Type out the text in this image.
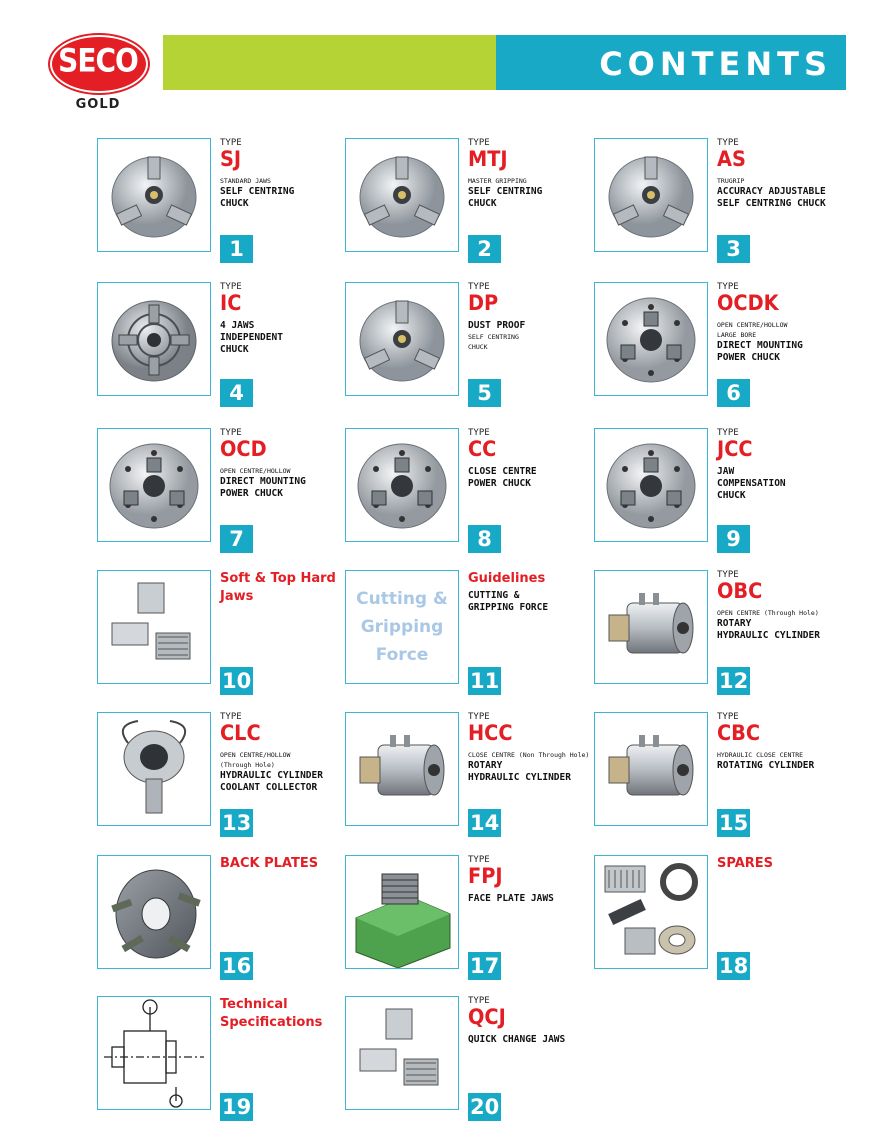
SECO
GOLD
CONTENTS
TYPE
SJ
STANDARD JAWS
SELF CENTRING
CHUCK
1
TYPE
MTJ
MASTER GRIPPING
SELF CENTRING
CHUCK
2
TYPE
AS
TRUGRIP
ACCURACY ADJUSTABLE
SELF CENTRING CHUCK
3
TYPE
IC
4 JAWS
INDEPENDENT
CHUCK
4
TYPE
DP
DUST PROOF
SELF CENTRING
CHUCK
5
TYPE
OCDK
OPEN CENTRE/HOLLOW
LARGE BORE
DIRECT MOUNTING
POWER CHUCK
6
TYPE
OCD
OPEN CENTRE/HOLLOW
DIRECT MOUNTING
POWER CHUCK
7
TYPE
CC
CLOSE CENTRE
POWER CHUCK
8
TYPE
JCC
JAW
COMPENSATION
CHUCK
9
Soft & Top Hard Jaws
10
Cutting &
Gripping
Force
Guidelines
CUTTING &
GRIPPING FORCE
11
TYPE
OBC
OPEN CENTRE (Through Hole)
ROTARY
HYDRAULIC CYLINDER
12
TYPE
CLC
OPEN CENTRE/HOLLOW
(Through Hole)
HYDRAULIC CYLINDER
COOLANT COLLECTOR
13
TYPE
HCC
CLOSE CENTRE (Non Through Hole)
ROTARY
HYDRAULIC CYLINDER
14
TYPE
CBC
HYDRAULIC CLOSE CENTRE
ROTATING CYLINDER
15
BACK PLATES
16
TYPE
FPJ
FACE PLATE JAWS
17
SPARES
18
Technical Specifications
19
TYPE
QCJ
QUICK CHANGE JAWS
20
